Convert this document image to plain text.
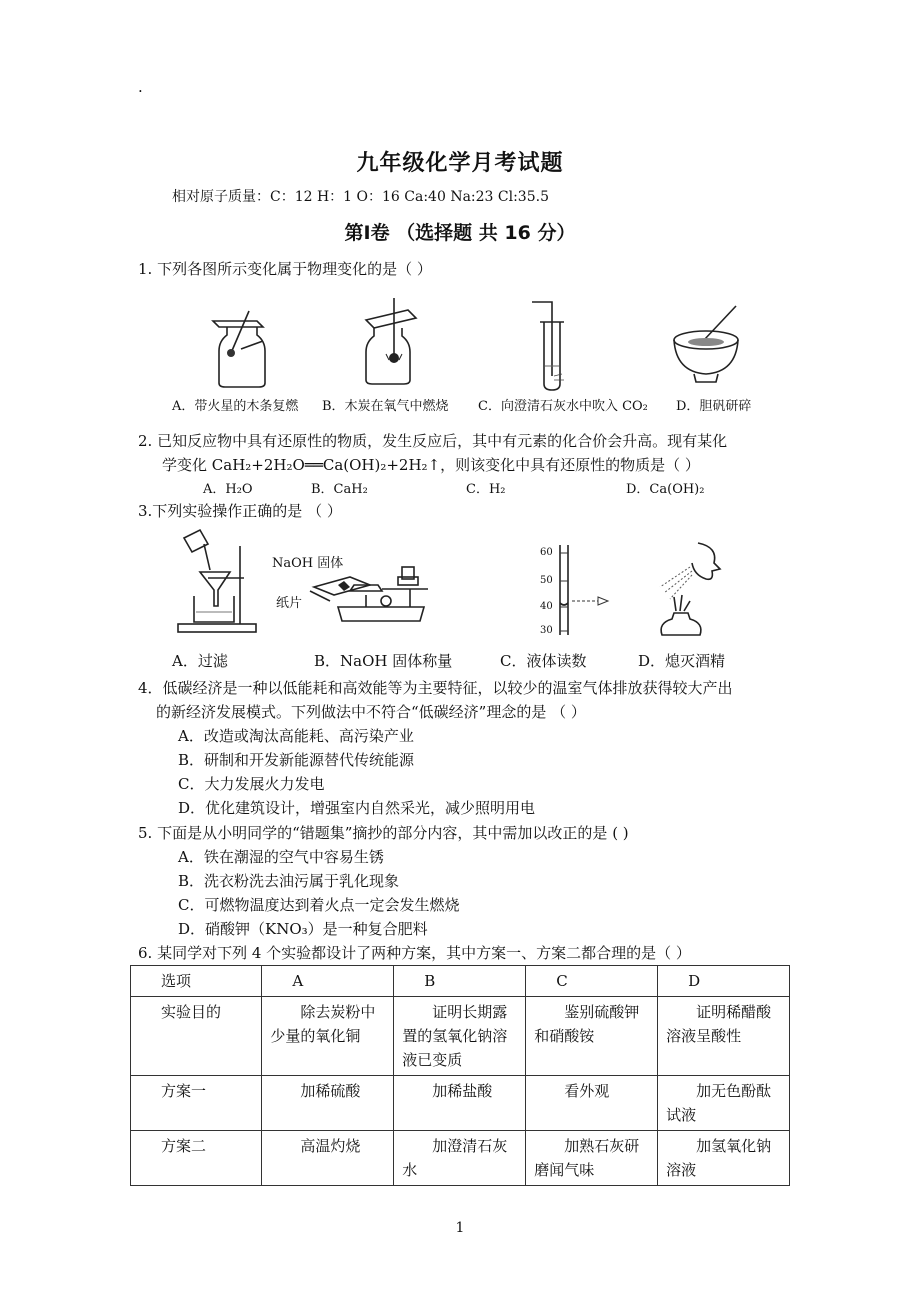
.
九年级化学月考试题
相对原子质量：C：12 H：1 O：16 Ca:40 Na:23 Cl:35.5
第Ⅰ卷 （选择题 共 16 分）
1. 下列各图所示变化属于物理变化的是（ ）
A．带火星的木条复燃 B．木炭在氧气中燃烧 C．向澄清石灰水中吹入 CO₂ D．胆矾研碎
2. 已知反应物中具有还原性的物质，发生反应后，其中有元素的化合价会升高。现有某化
学变化 CaH₂+2H₂O══Ca(OH)₂+2H₂↑，则该变化中具有还原性的物质是（ ）
A．H₂O	B．CaH₂	C．H₂	D．Ca(OH)₂
3.下列实验操作正确的是 （ ）
NaOH 固体
纸片
60
50
40
30
A．过滤	B．NaOH 固体称量	C．液体读数	D．熄灭酒精
4．低碳经济是一种以低能耗和高效能等为主要特征，以较少的温室气体排放获得较大产出
的新经济发展模式。下列做法中不符合“低碳经济”理念的是 （ ）
A．改造或淘汰高能耗、高污染产业
B．研制和开发新能源替代传统能源
C．大力发展火力发电
D．优化建筑设计，增强室内自然采光，减少照明用电
5. 下面是从小明同学的“错题集”摘抄的部分内容，其中需加以改正的是 ( )
A．铁在潮湿的空气中容易生锈
B．洗衣粉洗去油污属于乳化现象
C．可燃物温度达到着火点一定会发生燃烧
D．硝酸钾（KNO₃）是一种复合肥料
6. 某同学对下列 4 个实验都设计了两种方案，其中方案一、方案二都合理的是（ ）
选项	A	B	C	D
实验目的	除去炭粉中少量的氧化铜	证明长期露置的氢氧化钠溶液已变质	鉴别硫酸钾和硝酸铵	证明稀醋酸溶液呈酸性
方案一	加稀硫酸	加稀盐酸	看外观	加无色酚酞试液
方案二	高温灼烧	加澄清石灰水	加熟石灰研磨闻气味	加氢氧化钠溶液
1
